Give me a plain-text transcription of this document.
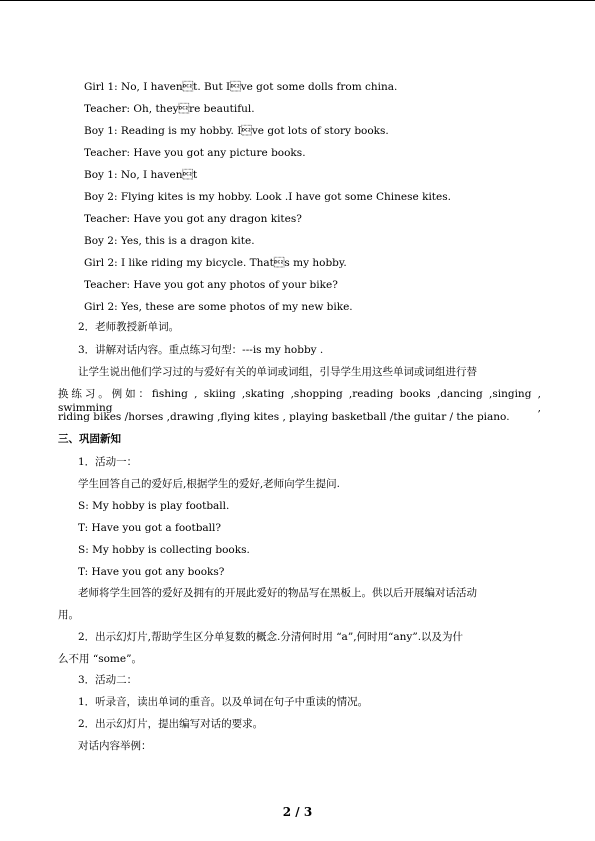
Girl 1: No, I havent. But Ive got some dolls from china.
Teacher: Oh, theyre beautiful.
Boy 1: Reading is my hobby. Ive got lots of story books.
Teacher: Have you got any picture books.
Boy 1: No, I havent
Boy 2: Flying kites is my hobby. Look .I have got some Chinese kites.
Teacher: Have you got any dragon kites?
Boy 2: Yes, this is a dragon kite.
Girl 2: I like riding my bicycle. Thats my hobby.
Teacher: Have you got any photos of your bike?
Girl 2: Yes, these are some photos of my new bike.
2．老师教授新单词。
3．讲解对话内容。重点练习句型：---is my hobby .
让学生说出他们学习过的与爱好有关的单词或词组，引导学生用这些单词或词组进行替
换练习。例如：fishing , skiing ,skating ,shopping ,reading books ,dancing ,singing , swimming ,
riding bikes /horses ,drawing ,flying kites , playing basketball /the guitar / the piano.
三、巩固新知
1．活动一：
学生回答自己的爱好后,根据学生的爱好,老师向学生提问.
S: My hobby is play football.
T: Have you got a football?
S: My hobby is collecting books.
T: Have you got any books?
老师将学生回答的爱好及拥有的开展此爱好的物品写在黑板上。供以后开展编对话活动
用。
2．出示幻灯片,帮助学生区分单复数的概念.分清何时用 “a”,何时用“any”.以及为什
么不用 “some”。
3．活动二：
1．听录音，读出单词的重音。以及单词在句子中重读的情况。
2．出示幻灯片，提出编写对话的要求。
对话内容举例：
2 / 3
